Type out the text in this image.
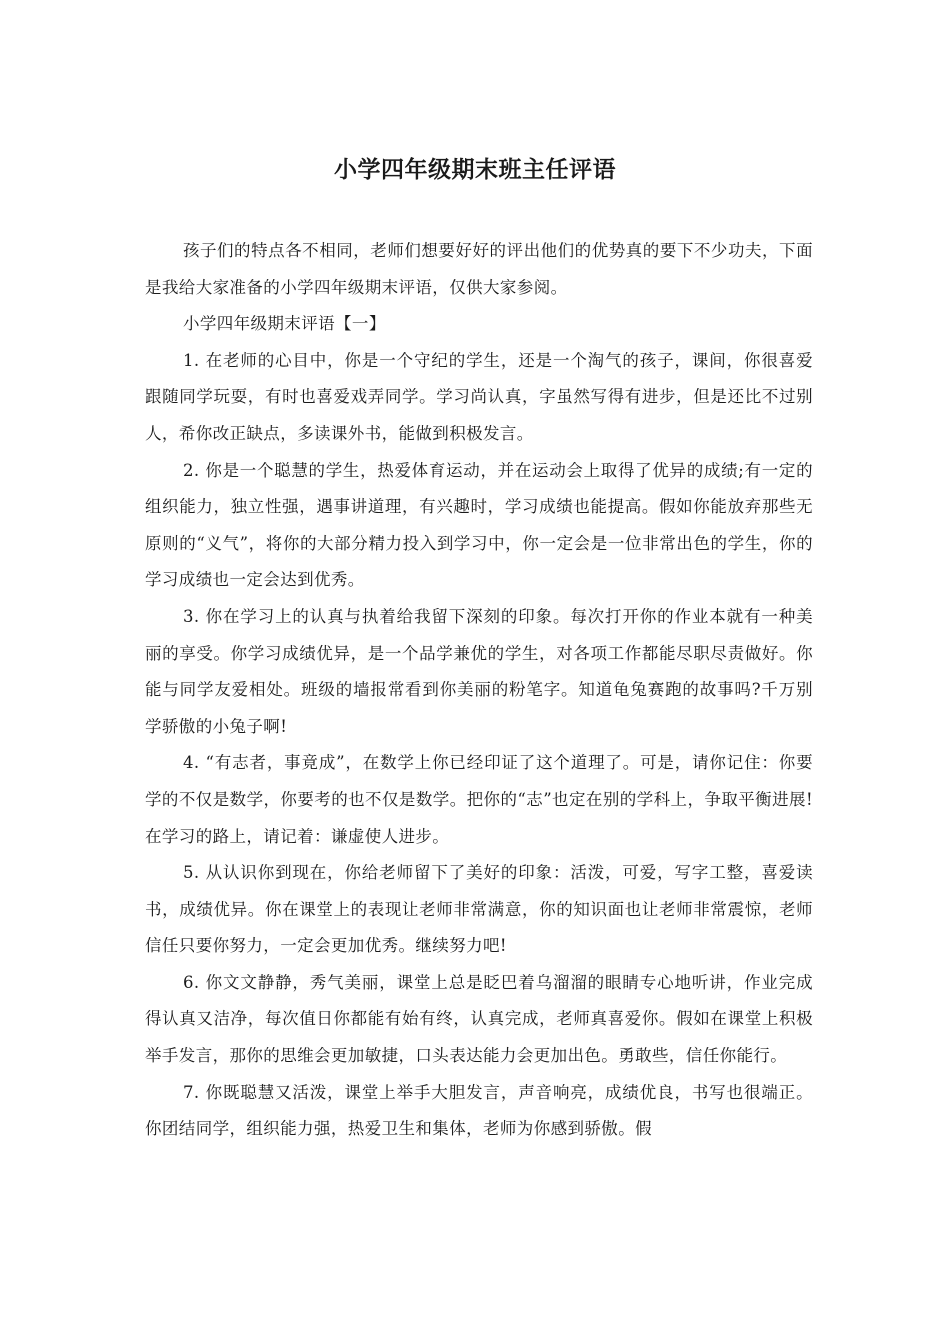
小学四年级期末班主任评语

孩子们的特点各不相同，老师们想要好好的评出他们的优势真的要下不少功夫，下面是我给大家准备的小学四年级期末评语，仅供大家参阅。

小学四年级期末评语【一】

1. 在老师的心目中，你是一个守纪的学生，还是一个淘气的孩子，课间，你很喜爱跟随同学玩耍，有时也喜爱戏弄同学。学习尚认真，字虽然写得有进步，但是还比不过别人，希你改正缺点，多读课外书，能做到积极发言。

2. 你是一个聪慧的学生，热爱体育运动，并在运动会上取得了优异的成绩;有一定的组织能力，独立性强，遇事讲道理，有兴趣时，学习成绩也能提高。假如你能放弃那些无原则的“义气”，将你的大部分精力投入到学习中，你一定会是一位非常出色的学生，你的学习成绩也一定会达到优秀。

3. 你在学习上的认真与执着给我留下深刻的印象。每次打开你的作业本就有一种美丽的享受。你学习成绩优异，是一个品学兼优的学生，对各项工作都能尽职尽责做好。你能与同学友爱相处。班级的墙报常看到你美丽的粉笔字。知道龟兔赛跑的故事吗?千万别学骄傲的小兔子啊!

4. “有志者，事竟成”，在数学上你已经印证了这个道理了。可是，请你记住：你要学的不仅是数学，你要考的也不仅是数学。把你的“志”也定在别的学科上，争取平衡进展!在学习的路上，请记着：谦虚使人进步。

5. 从认识你到现在，你给老师留下了美好的印象：活泼，可爱，写字工整，喜爱读书，成绩优异。你在课堂上的表现让老师非常满意，你的知识面也让老师非常震惊，老师信任只要你努力，一定会更加优秀。继续努力吧!

6. 你文文静静，秀气美丽，课堂上总是眨巴着乌溜溜的眼睛专心地听讲，作业完成得认真又洁净，每次值日你都能有始有终，认真完成，老师真喜爱你。假如在课堂上积极举手发言，那你的思维会更加敏捷，口头表达能力会更加出色。勇敢些，信任你能行。

7. 你既聪慧又活泼，课堂上举手大胆发言，声音响亮，成绩优良，书写也很端正。你团结同学，组织能力强，热爱卫生和集体，老师为你感到骄傲。假
